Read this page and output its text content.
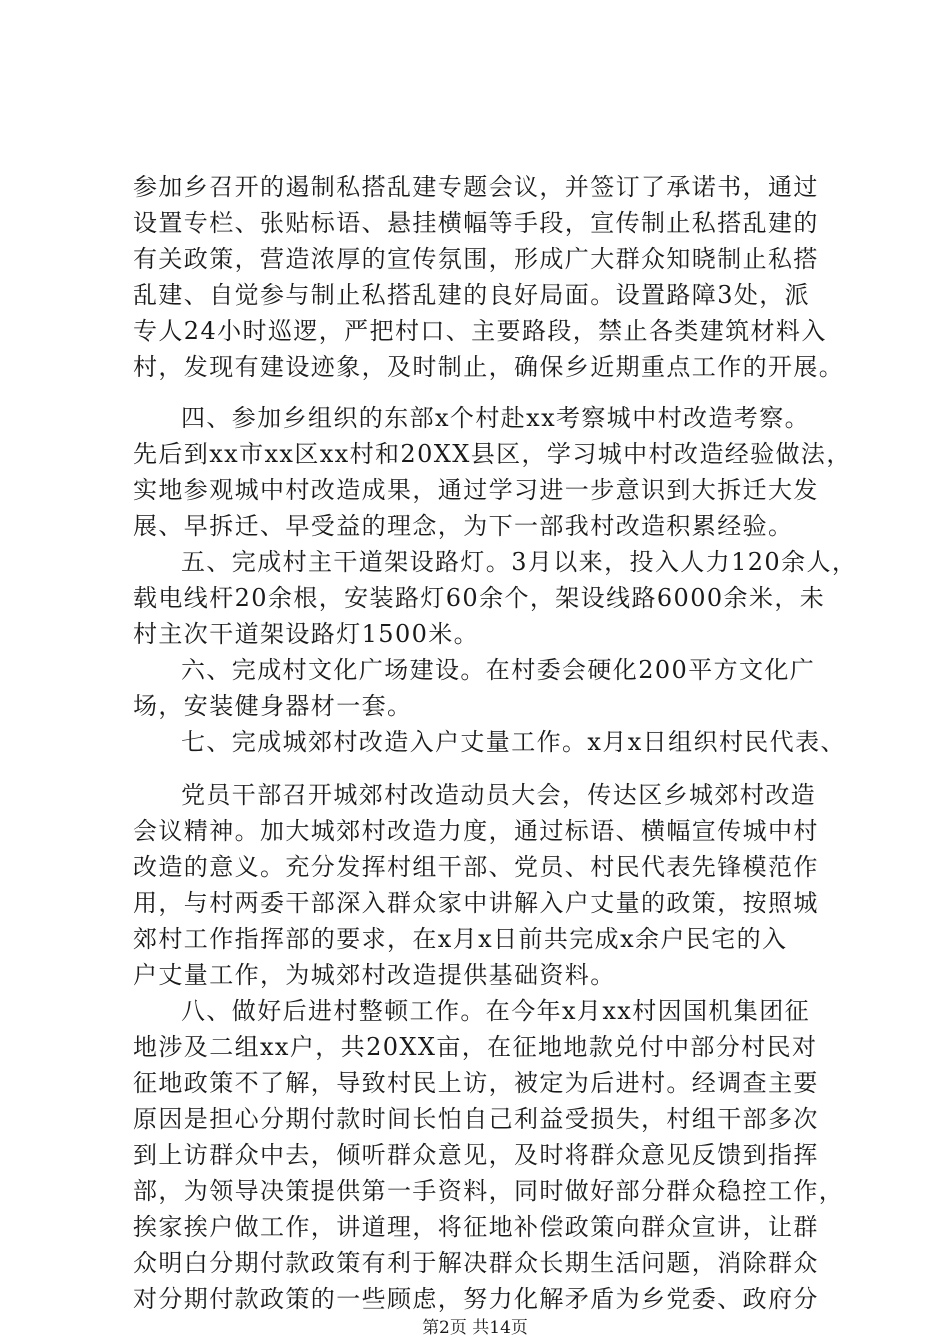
参加乡召开的遏制私搭乱建专题会议，并签订了承诺书，通过
设置专栏、张贴标语、悬挂横幅等手段，宣传制止私搭乱建的
有关政策，营造浓厚的宣传氛围，形成广大群众知晓制止私搭
乱建、自觉参与制止私搭乱建的良好局面。设置路障3处，派
专人24小时巡逻，严把村口、主要路段，禁止各类建筑材料入
村，发现有建设迹象，及时制止，确保乡近期重点工作的开展。
四、参加乡组织的东部x个村赴xx考察城中村改造考察。
先后到xx市xx区xx村和20XX县区，学习城中村改造经验做法，
实地参观城中村改造成果，通过学习进一步意识到大拆迁大发
展、早拆迁、早受益的理念，为下一部我村改造积累经验。
五、完成村主干道架设路灯。3月以来，投入人力120余人，
载电线杆20余根，安装路灯60余个，架设线路6000余米，未
村主次干道架设路灯1500米。
六、完成村文化广场建设。在村委会硬化200平方文化广
场，安装健身器材一套。
七、完成城郊村改造入户丈量工作。x月x日组织村民代表、
党员干部召开城郊村改造动员大会，传达区乡城郊村改造
会议精神。加大城郊村改造力度，通过标语、横幅宣传城中村
改造的意义。充分发挥村组干部、党员、村民代表先锋模范作
用，与村两委干部深入群众家中讲解入户丈量的政策，按照城
郊村工作指挥部的要求，在x月x日前共完成x余户民宅的入
户丈量工作，为城郊村改造提供基础资料。
八、做好后进村整顿工作。在今年x月xx村因国机集团征
地涉及二组xx户，共20XX亩，在征地地款兑付中部分村民对
征地政策不了解，导致村民上访，被定为后进村。经调查主要
原因是担心分期付款时间长怕自己利益受损失，村组干部多次
到上访群众中去，倾听群众意见，及时将群众意见反馈到指挥
部，为领导决策提供第一手资料，同时做好部分群众稳控工作，
挨家挨户做工作，讲道理，将征地补偿政策向群众宣讲，让群
众明白分期付款政策有利于解决群众长期生活问题，消除群众
对分期付款政策的一些顾虑，努力化解矛盾为乡党委、政府分
第2页 共14页
